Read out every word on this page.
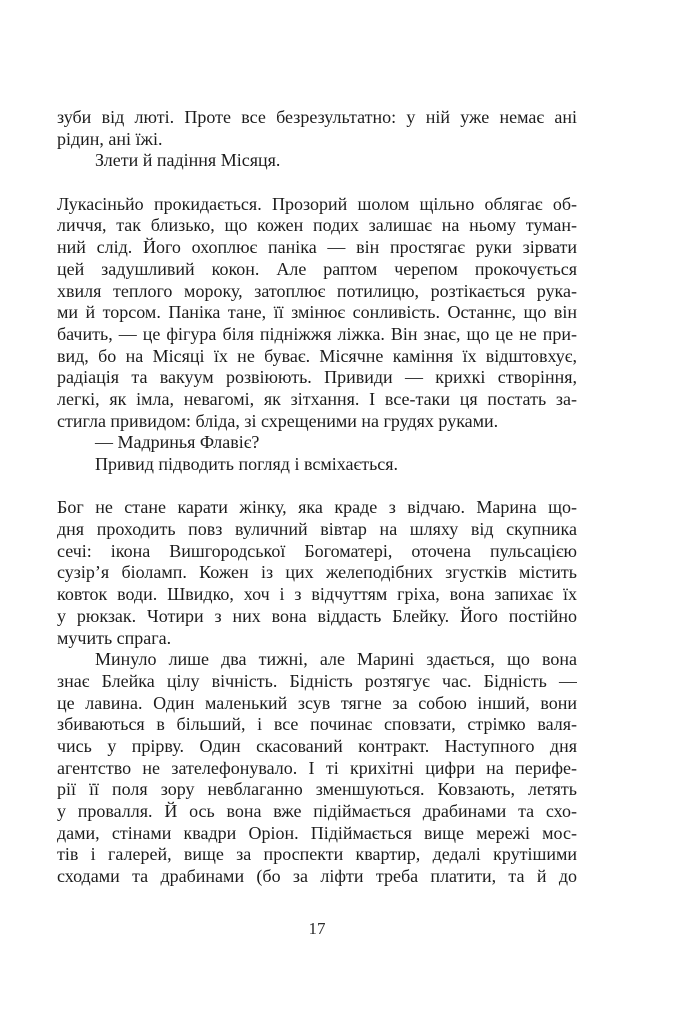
зуби від люті. Проте все безрезультатно: у ній уже немає ані
рідин, ані їжі.
Злети й падіння Місяця.
Лукасіньйо прокидається. Прозорий шолом щільно облягає об-
личчя, так близько, що кожен подих залишає на ньому туман-
ний слід. Його охоплює паніка — він простягає руки зірвати
цей задушливий кокон. Але раптом черепом прокочується
хвиля теплого мороку, затоплює потилицю, розтікається рука-
ми й торсом. Паніка тане, її змінює сонливість. Останнє, що він
бачить, — це фігура біля підніжжя ліжка. Він знає, що це не при-
вид, бо на Місяці їх не буває. Місячне каміння їх відштовхує,
радіація та вакуум розвіюють. Привиди — крихкі створіння,
легкі, як імла, невагомі, як зітхання. І все-таки ця постать за-
стигла привидом: бліда, зі схрещеними на грудях руками.
— Мадринья Флавіє?
Привид підводить погляд і всміхається.
Бог не стане карати жінку, яка краде з відчаю. Марина що-
дня проходить повз вуличний вівтар на шляху від скупника
сечі: ікона Вишгородської Богоматері, оточена пульсацією
сузір’я біоламп. Кожен із цих желеподібних згустків містить
ковток води. Швидко, хоч і з відчуттям гріха, вона запихає їх
у рюкзак. Чотири з них вона віддасть Блейку. Його постійно
мучить спрага.
Минуло лише два тижні, але Марині здається, що вона
знає Блейка цілу вічність. Бідність розтягує час. Бідність —
це лавина. Один маленький зсув тягне за собою інший, вони
збиваються в більший, і все починає сповзати, стрімко валя-
чись у прірву. Один скасований контракт. Наступного дня
агентство не зателефонувало. І ті крихітні цифри на перифе-
рії її поля зору невблаганно зменшуються. Ковзають, летять
у провалля. Й ось вона вже підіймається драбинами та схо-
дами, стінами квадри Оріон. Підіймається вище мережі мос-
тів і галерей, вище за проспекти квартир, дедалі крутішими
сходами та драбинами (бо за ліфти треба платити, та й до
17
